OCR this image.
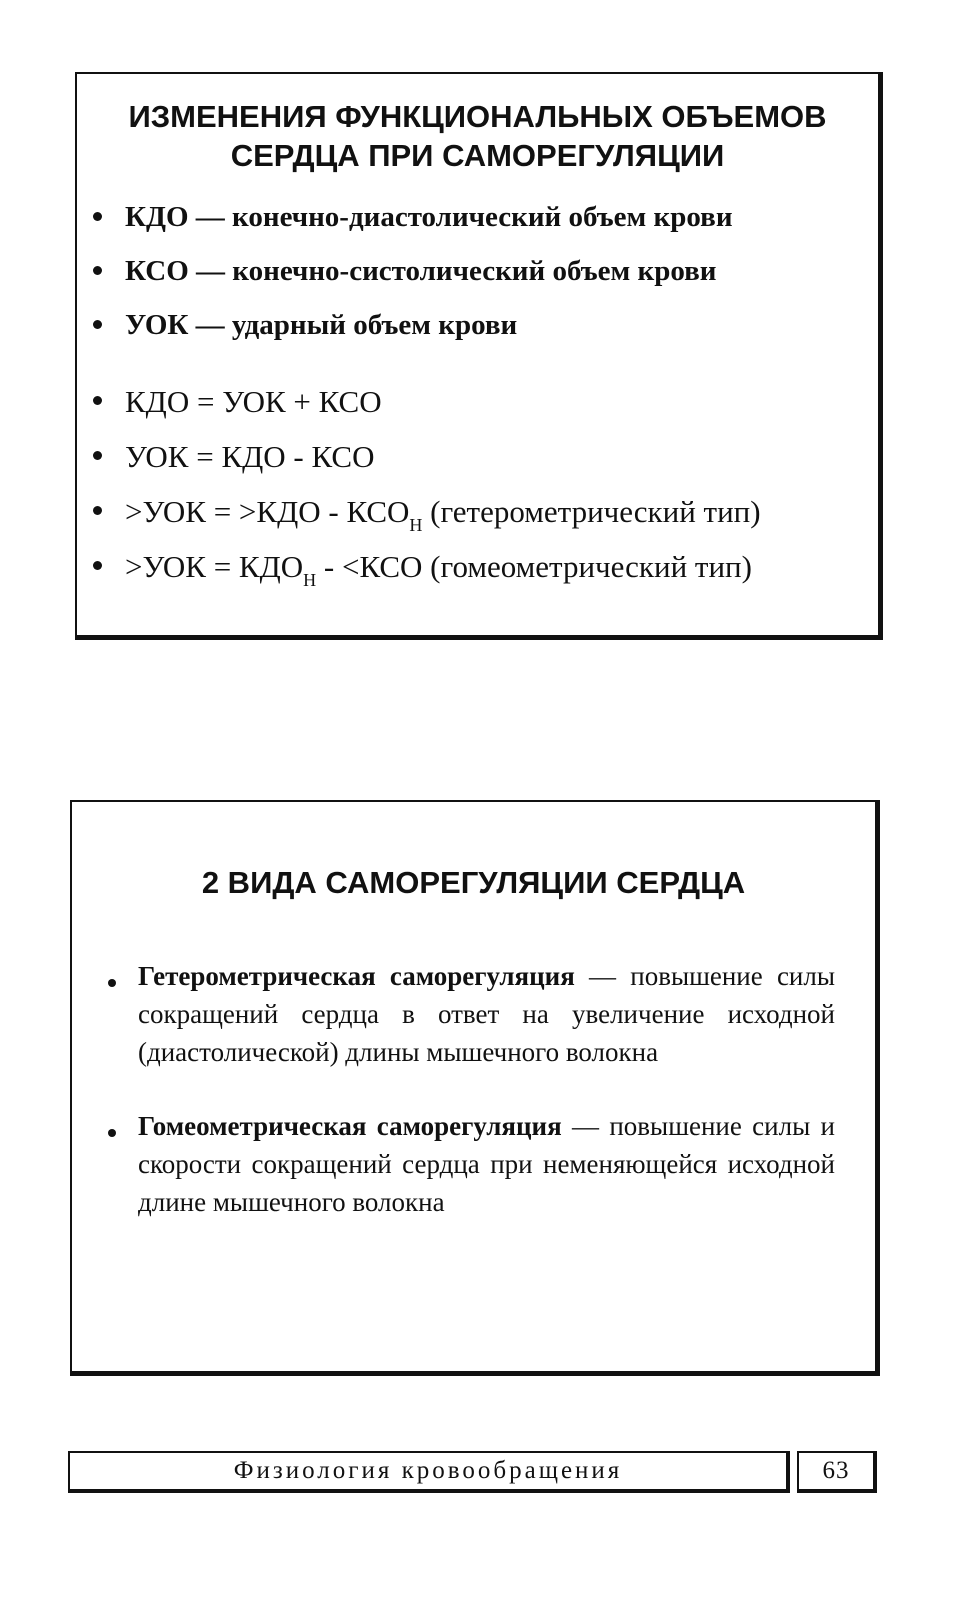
ИЗМЕНЕНИЯ ФУНКЦИОНАЛЬНЫХ ОБЪЕМОВ
СЕРДЦА ПРИ САМОРЕГУЛЯЦИИ
КДО — конечно-диастолический объем крови
КСО — конечно-систолический объем крови
УОК — ударный объем крови
КДО = УОК + КСО
УОК = КДО - КСО
$>УОК = >КДО - КСО_Н$ (гетерометрический тип)
$>УОК = КДО_Н - <КСО$ (гомеометрический тип)
2 ВИДА САМОРЕГУЛЯЦИИ СЕРДЦА
Гетерометрическая саморегуляция — повышение силы сокращений сердца в ответ на увеличение исходной (диастолической) длины мышечного волокна
Гомеометрическая саморегуляция — повышение силы и скорости сокращений сердца при неменяющейся исходной длине мышечного волокна
Физиология кровообращения	63
